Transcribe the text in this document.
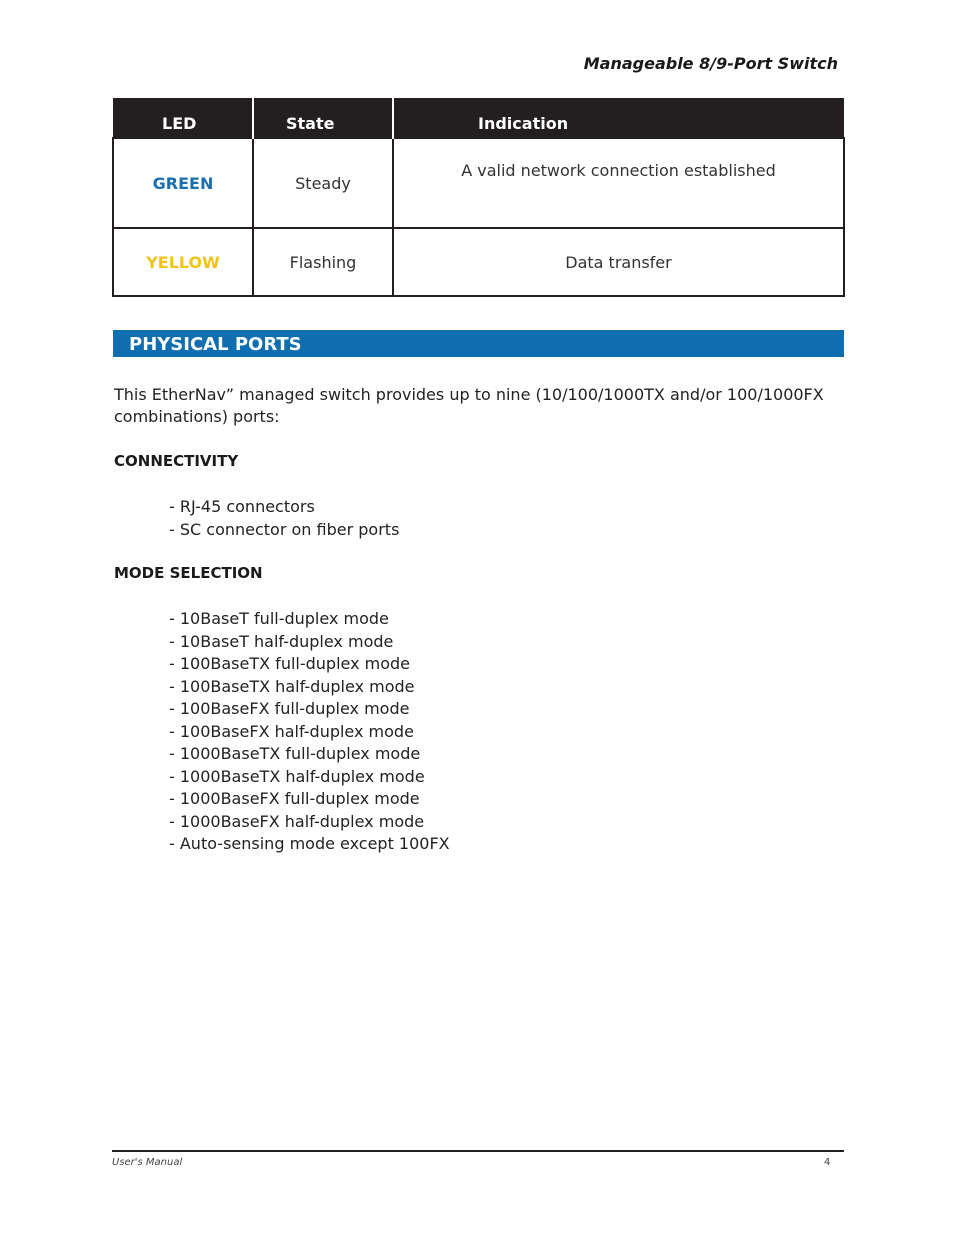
Manageable 8/9-Port Switch
LED	State	Indication
GREEN	Steady	A valid network connection established
YELLOW	Flashing	Data transfer
PHYSICAL PORTS
This EtherNav” managed switch provides up to nine (10/100/1000TX and/or 100/1000FX combinations) ports:
CONNECTIVITY
- RJ-45 connectors
- SC connector on fiber ports
MODE SELECTION
- 10BaseT full-duplex mode
- 10BaseT half-duplex mode
- 100BaseTX full-duplex mode
- 100BaseTX half-duplex mode
- 100BaseFX full-duplex mode
- 100BaseFX half-duplex mode
- 1000BaseTX full-duplex mode
- 1000BaseTX half-duplex mode
- 1000BaseFX full-duplex mode
- 1000BaseFX half-duplex mode
- Auto-sensing mode except 100FX
User's Manual	4
